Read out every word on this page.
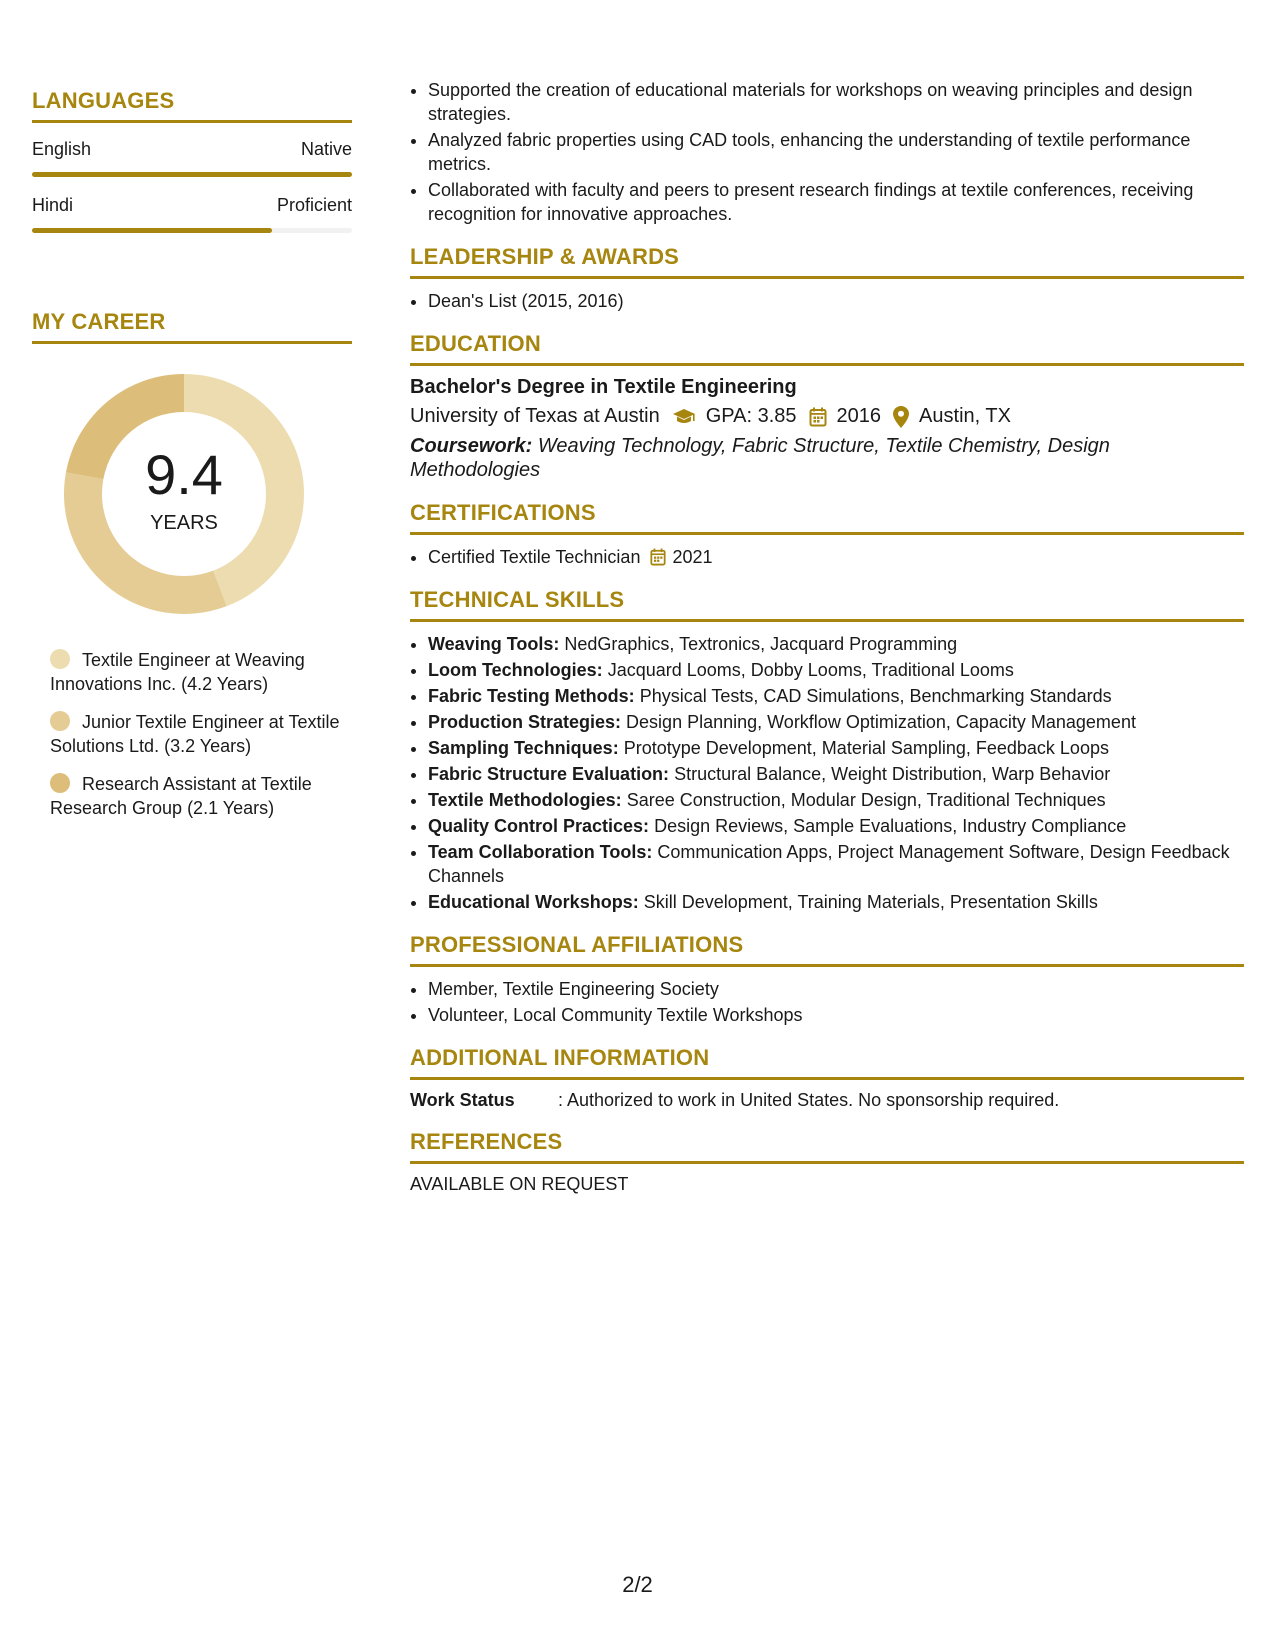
LANGUAGES
English	Native
Hindi	Proficient
MY CAREER
9.4
YEARS
Textile Engineer at Weaving Innovations Inc. (4.2 Years)
Junior Textile Engineer at Textile Solutions Ltd. (3.2 Years)
Research Assistant at Textile Research Group (2.1 Years)
• Supported the creation of educational materials for workshops on weaving principles and design strategies.
• Analyzed fabric properties using CAD tools, enhancing the understanding of textile performance metrics.
• Collaborated with faculty and peers to present research findings at textile conferences, receiving recognition for innovative approaches.
LEADERSHIP & AWARDS
• Dean's List (2015, 2016)
EDUCATION
Bachelor's Degree in Textile Engineering
University of Texas at Austin GPA: 3.85 2016 Austin, TX
Coursework: Weaving Technology, Fabric Structure, Textile Chemistry, Design Methodologies
CERTIFICATIONS
• Certified Textile Technician 2021
TECHNICAL SKILLS
• Weaving Tools: NedGraphics, Textronics, Jacquard Programming
• Loom Technologies: Jacquard Looms, Dobby Looms, Traditional Looms
• Fabric Testing Methods: Physical Tests, CAD Simulations, Benchmarking Standards
• Production Strategies: Design Planning, Workflow Optimization, Capacity Management
• Sampling Techniques: Prototype Development, Material Sampling, Feedback Loops
• Fabric Structure Evaluation: Structural Balance, Weight Distribution, Warp Behavior
• Textile Methodologies: Saree Construction, Modular Design, Traditional Techniques
• Quality Control Practices: Design Reviews, Sample Evaluations, Industry Compliance
• Team Collaboration Tools: Communication Apps, Project Management Software, Design Feedback Channels
• Educational Workshops: Skill Development, Training Materials, Presentation Skills
PROFESSIONAL AFFILIATIONS
• Member, Textile Engineering Society
• Volunteer, Local Community Textile Workshops
ADDITIONAL INFORMATION
Work Status	: Authorized to work in United States. No sponsorship required.
REFERENCES
AVAILABLE ON REQUEST
2/2
